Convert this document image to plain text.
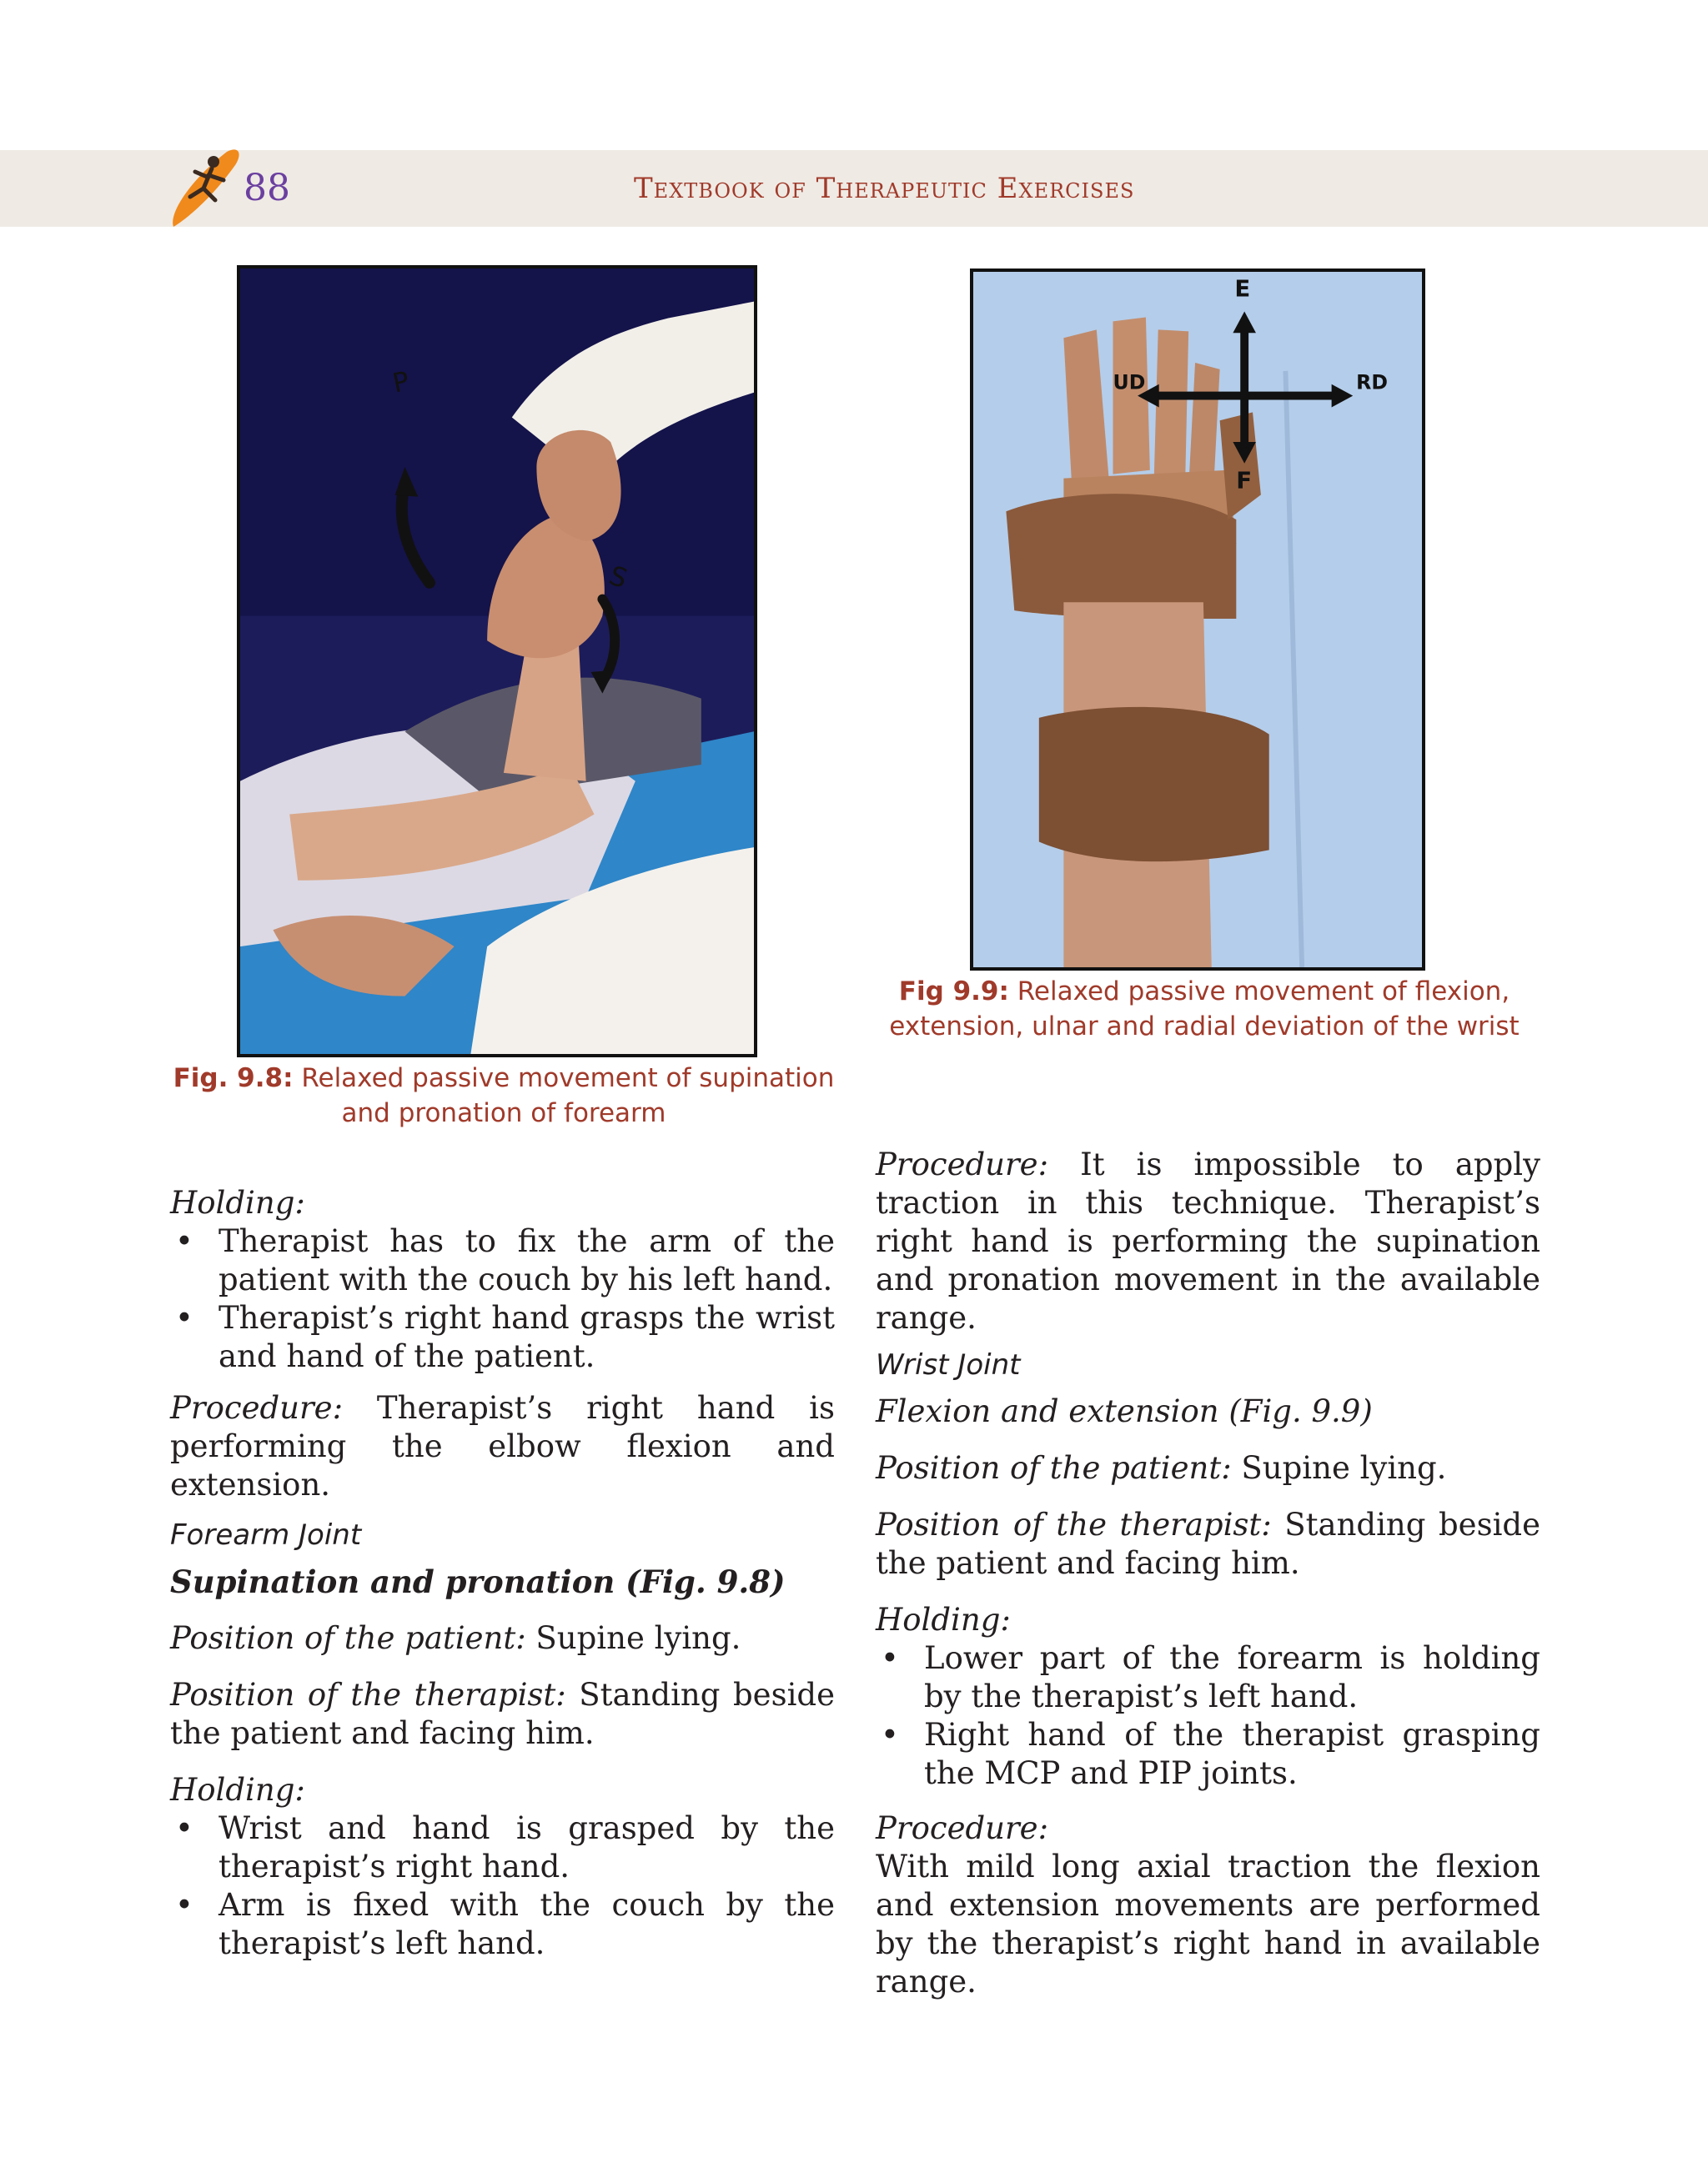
88	Textbook of Therapeutic Exercises
P
S
Fig. 9.8: Relaxed passive movement of supination and pronation of forearm
E
UD	RD
F
Fig 9.9: Relaxed passive movement of flexion, extension, ulnar and radial deviation of the wrist

Holding:

• Therapist has to fix the arm of the patient with the couch by his left hand.
• Therapist’s right hand grasps the wrist and hand of the patient.

Procedure: Therapist’s right hand is performing the elbow flexion and extension.

Forearm Joint

Supination and pronation (Fig. 9.8)

Position of the patient: Supine lying.

Position of the therapist: Standing beside the patient and facing him.

Holding:

• Wrist and hand is grasped by the therapist’s right hand.
• Arm is fixed with the couch by the therapist’s left hand.

Procedure: It is impossible to apply traction in this technique. Therapist’s right hand is performing the supination and pronation movement in the available range.

Wrist Joint

Flexion and extension (Fig. 9.9)

Position of the patient: Supine lying.

Position of the therapist: Standing beside the patient and facing him.

Holding:

• Lower part of the forearm is holding by the therapist’s left hand.
• Right hand of the therapist grasping the MCP and PIP joints.

Procedure:

With mild long axial traction the flexion and extension movements are performed by the therapist’s right hand in available range.
